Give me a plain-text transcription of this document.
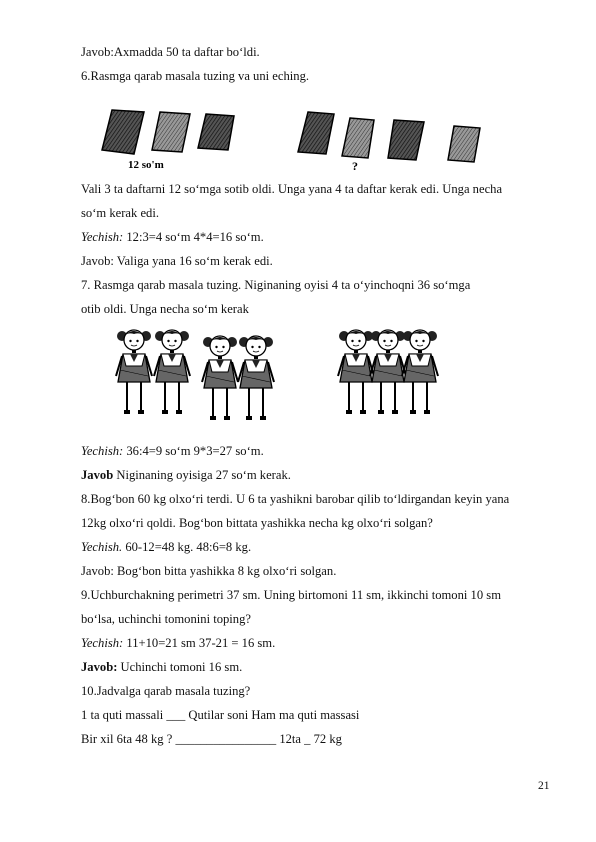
Javob:Axmadda 50 ta daftar bo‘ldi.
6.Rasmga qarab masala tuzing va uni eching.
12 so'm	?
Vali 3 ta daftarni 12 so‘mga sotib oldi. Unga yana 4 ta daftar kerak edi. Unga necha
so‘m kerak edi.
Yechish: 12:3=4 so‘m 4*4=16 so‘m.
Javob: Valiga yana 16 so‘m kerak edi.
7. Rasmga qarab masala tuzing. Niginaning oyisi 4 ta o‘yinchoqni 36 so‘mga
otib oldi. Unga necha so‘m kerak
Yechish: 36:4=9 so‘m 9*3=27 so‘m.
Javob Niginaning oyisiga 27 so‘m kerak.
8.Bog‘bon 60 kg olxo‘ri terdi. U 6 ta yashikni barobar qilib to‘ldirgandan keyin yana
12kg olxo‘ri qoldi. Bog‘bon bittata yashikka necha kg olxo‘ri solgan?
Yechish. 60-12=48 kg. 48:6=8 kg.
Javob: Bog‘bon bitta yashikka 8 kg olxo‘ri solgan.
9.Uchburchakning perimetri 37 sm. Uning birtomoni 11 sm, ikkinchi tomoni 10 sm
bo‘lsa, uchinchi tomonini toping?
Yechish: 11+10=21 sm 37-21 = 16 sm.
Javob: Uchinchi tomoni 16 sm.
10.Jadvalga qarab masala tuzing?
1 ta quti massali ___ Qutilar soni Ham ma quti massasi
Bir xil 6ta 48 kg ? ________________ 12ta _ 72 kg
21
